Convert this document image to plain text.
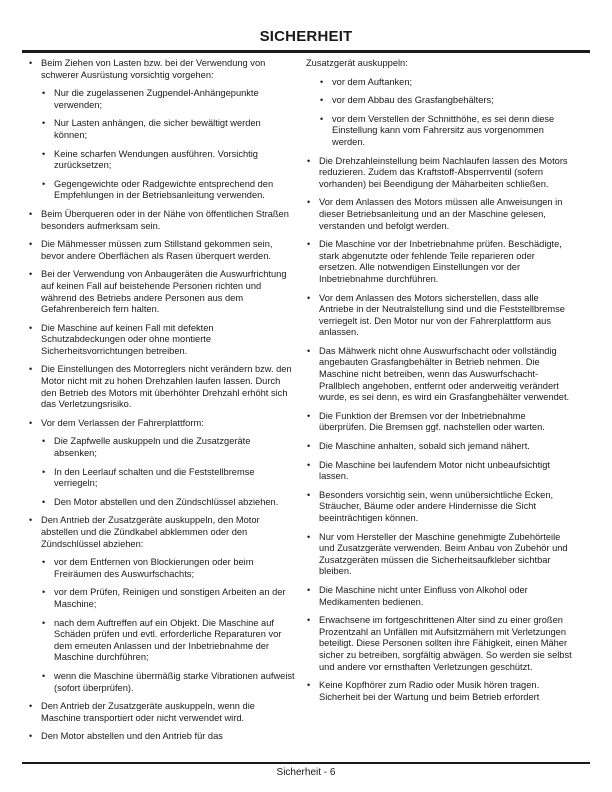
SICHERHEIT
• Beim Ziehen von Lasten bzw. bei der Verwendung von schwerer Ausrüstung vorsichtig vorgehen:
• Nur die zugelassenen Zugpendel-Anhängepunkte verwenden;
• Nur Lasten anhängen, die sicher bewältigt werden können;
• Keine scharfen Wendungen ausführen. Vorsichtig zurücksetzen;
• Gegengewichte oder Radgewichte entsprechend den Empfehlungen in der Betriebsanleitung verwenden.
• Beim Überqueren oder in der Nähe von öffentlichen Straßen besonders aufmerksam sein.
• Die Mähmesser müssen zum Stillstand gekommen sein, bevor andere Oberflächen als Rasen überquert werden.
• Bei der Verwendung von Anbaugeräten die Auswurfrichtung auf keinen Fall auf beistehende Personen richten und während des Betriebs andere Personen aus dem Gefahrenbereich fern halten.
• Die Maschine auf keinen Fall mit defekten Schutzabdeckungen oder ohne montierte Sicherheitsvorrichtungen betreiben.
• Die Einstellungen des Motorreglers nicht verändern bzw. den Motor nicht mit zu hohen Drehzahlen laufen lassen. Durch den Betrieb des Motors mit überhöhter Drehzahl erhöht sich das Verletzungsrisiko.
• Vor dem Verlassen der Fahrerplattform:
• Die Zapfwelle auskuppeln und die Zusatzgeräte absenken;
• In den Leerlauf schalten und die Feststellbremse verriegeln;
• Den Motor abstellen und den Zündschlüssel abziehen.
• Den Antrieb der Zusatzgeräte auskuppeln, den Motor abstellen und die Zündkabel abklemmen oder den Zündschlüssel abziehen:
• vor dem Entfernen von Blockierungen oder beim Freiräumen des Auswurfschachts;
• vor dem Prüfen, Reinigen und sonstigen Arbeiten an der Maschine;
• nach dem Auftreffen auf ein Objekt. Die Maschine auf Schäden prüfen und evtl. erforderliche Reparaturen vor dem erneuten Anlassen und der Inbetriebnahme der Maschine durchführen;
• wenn die Maschine übermäßig starke Vibrationen aufweist (sofort überprüfen).
• Den Antrieb der Zusatzgeräte auskuppeln, wenn die Maschine transportiert oder nicht verwendet wird.
• Den Motor abstellen und den Antrieb für das
Zusatzgerät auskuppeln:
• vor dem Auftanken;
• vor dem Abbau des Grasfangbehälters;
• vor dem Verstellen der Schnitthöhe, es sei denn diese Einstellung kann vom Fahrersitz aus vorgenommen werden.
• Die Drehzahleinstellung beim Nachlaufen lassen des Motors reduzieren. Zudem das Kraftstoff-Absperrventil (sofern vorhanden) bei Beendigung der Mäharbeiten schließen.
• Vor dem Anlassen des Motors müssen alle Anweisungen in dieser Betriebsanleitung und an der Maschine gelesen, verstanden und befolgt werden.
• Die Maschine vor der Inbetriebnahme prüfen. Beschädigte, stark abgenutzte oder fehlende Teile reparieren oder ersetzen. Alle notwendigen Einstellungen vor der Inbetriebnahme durchführen.
• Vor dem Anlassen des Motors sicherstellen, dass alle Antriebe in der Neutralstellung sind und die Feststellbremse verriegelt ist. Den Motor nur von der Fahrerplattform aus anlassen.
• Das Mähwerk nicht ohne Auswurfschacht oder vollständig angebauten Grasfangbehälter in Betrieb nehmen. Die Maschine nicht betreiben, wenn das Auswurfschacht-Prallblech angehoben, entfernt oder anderweitig verändert wurde, es sei denn, es wird ein Grasfangbehälter verwendet.
• Die Funktion der Bremsen vor der Inbetriebnahme überprüfen. Die Bremsen ggf. nachstellen oder warten.
• Die Maschine anhalten, sobald sich jemand nähert.
• Die Maschine bei laufendem Motor nicht unbeaufsichtigt lassen.
• Besonders vorsichtig sein, wenn unübersichtliche Ecken, Sträucher, Bäume oder andere Hindernisse die Sicht beeinträchtigen können.
• Nur vom Hersteller der Maschine genehmigte Zubehörteile und Zusatzgeräte verwenden. Beim Anbau von Zubehör und Zusatzgeräten müssen die Sicherheitsaufkleber sichtbar bleiben.
• Die Maschine nicht unter Einfluss von Alkohol oder Medikamenten bedienen.
• Erwachsene im fortgeschrittenen Alter sind zu einer großen Prozentzahl an Unfällen mit Aufsitzmähern mit Verletzungen beteiligt. Diese Personen sollten ihre Fähigkeit, einen Mäher sicher zu betreiben, sorgfältig abwägen. So werden sie selbst und andere vor ernsthaften Verletzungen geschützt.
• Keine Kopfhörer zum Radio oder Musik hören tragen. Sicherheit bei der Wartung und beim Betrieb erfordert
Sicherheit - 6
